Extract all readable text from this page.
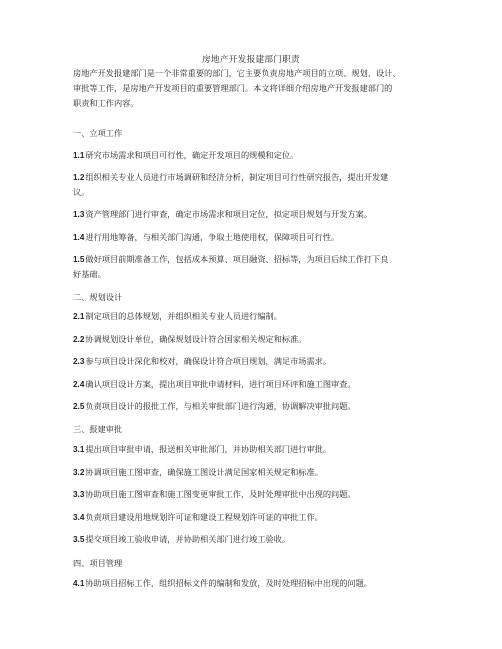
房地产开发报建部门职责
房地产开发报建部门是一个非常重要的部门，它主要负责房地产项目的立项、规划、设计、
审批等工作，是房地产开发项目的重要管理部门。本文将详细介绍房地产开发报建部门的
职责和工作内容。
一、立项工作
1.1研究市场需求和项目可行性，确定开发项目的规模和定位。
1.2组织相关专业人员进行市场调研和经济分析，制定项目可行性研究报告，提出开发建
议。
1.3资产管理部门进行审查，确定市场需求和项目定位，拟定项目规划与开发方案。
1.4进行用地筹备，与相关部门沟通，争取土地使用权，保障项目可行性。
1.5做好项目前期准备工作，包括成本预算、项目融资、招标等，为项目后续工作打下良
好基础。
二、规划设计
2.1制定项目的总体规划，并组织相关专业人员进行编制。
2.2协调规划设计单位，确保规划设计符合国家相关规定和标准。
2.3参与项目设计深化和校对，确保设计符合项目规划，满足市场需求。
2.4确认项目设计方案，提出项目审批申请材料，进行项目环评和施工图审查。
2.5负责项目设计的报批工作，与相关审批部门进行沟通，协调解决审批问题。
三、报建审批
3.1提出项目审批申请，报送相关审批部门，并协助相关部门进行审批。
3.2协调项目施工图审查，确保施工图设计满足国家相关规定和标准。
3.3协助项目施工图审查和施工图变更审批工作，及时处理审批中出现的问题。
3.4负责项目建设用地规划许可证和建设工程规划许可证的审批工作。
3.5提交项目竣工验收申请，并协助相关部门进行竣工验收。
四、项目管理
4.1协助项目招标工作，组织招标文件的编制和发放，及时处理招标中出现的问题。
